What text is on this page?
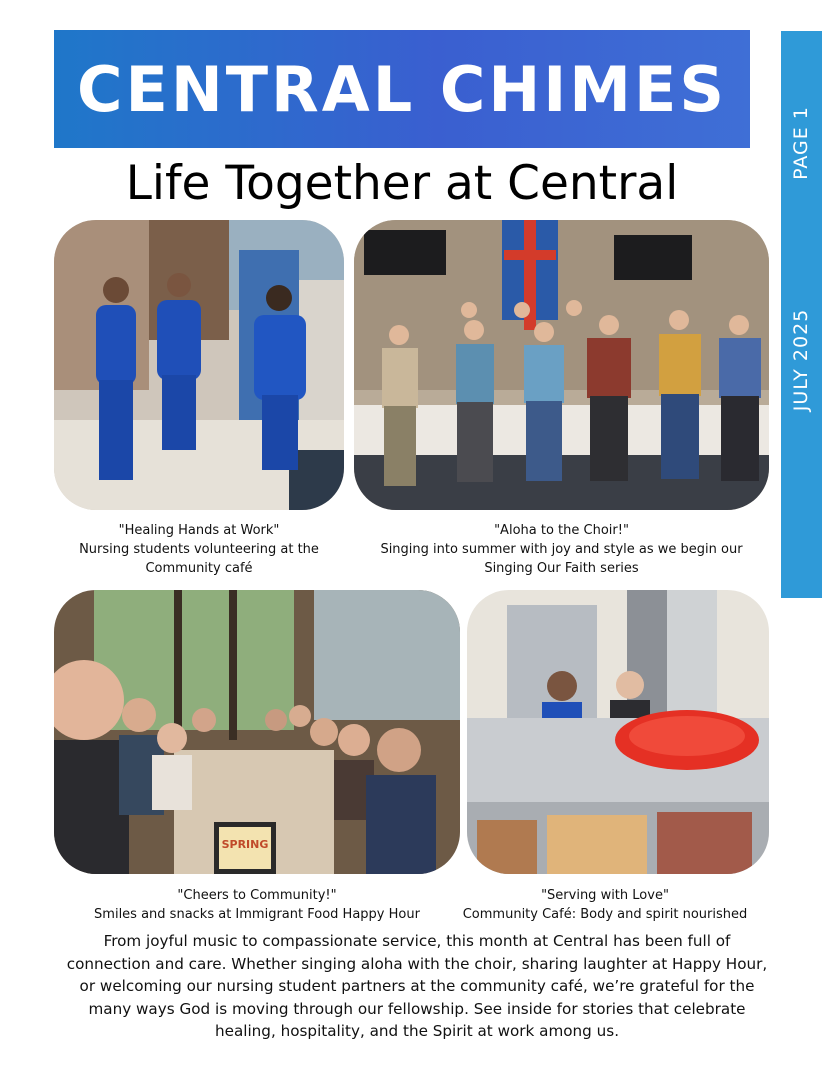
CENTRAL CHIMES
PAGE 1
JULY 2025
Life Together at Central
"Healing Hands at Work"
Nursing students volunteering at the
Community café
"Aloha to the Choir!"
Singing into summer with joy and style as we begin our
Singing Our Faith series
SPRING
"Cheers to Community!"
Smiles and snacks at Immigrant Food Happy Hour
"Serving with Love"
Community Café: Body and spirit nourished
From joyful music to compassionate service, this month at Central has been full of connection and care. Whether singing aloha with the choir, sharing laughter at Happy Hour, or welcoming our nursing student partners at the community café, we’re grateful for the many ways God is moving through our fellowship. See inside for stories that celebrate healing, hospitality, and the Spirit at work among us.
